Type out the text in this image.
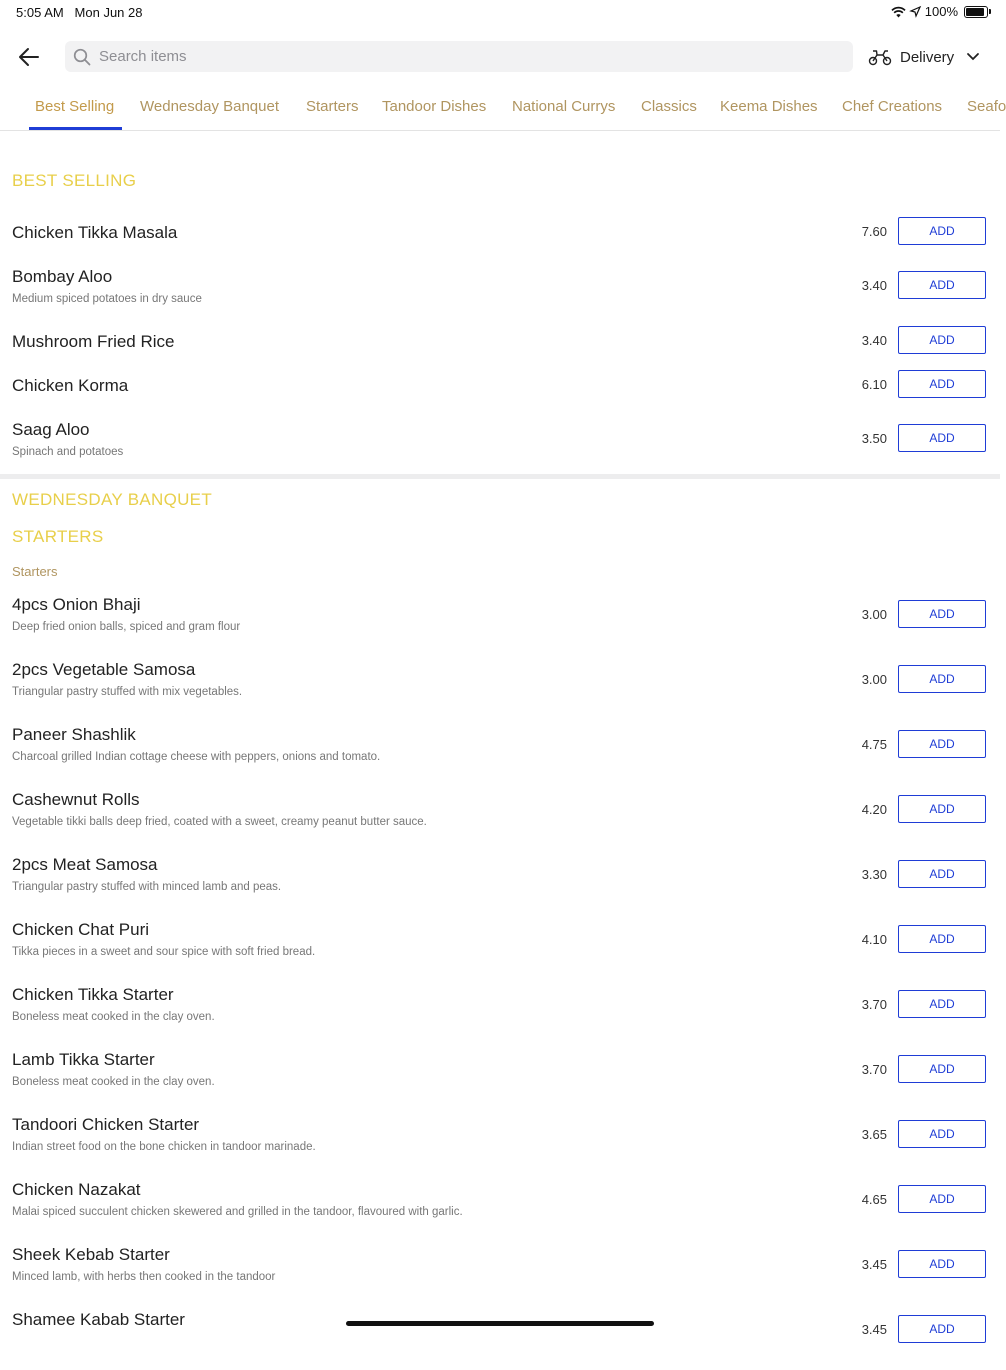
5:05 AM Mon Jun 28	100%
Search items
Delivery
Best Selling Wednesday Banquet Starters Tandoor Dishes National Currys Classics Keema Dishes Chef Creations Seafo
BEST SELLING
Chicken Tikka Masala	7.60	ADD
Bombay Aloo
Medium spiced potatoes in dry sauce
3.40	ADD
Mushroom Fried Rice	3.40	ADD
Chicken Korma	6.10	ADD
Saag Aloo
Spinach and potatoes
3.50	ADD
WEDNESDAY BANQUET
STARTERS
Starters
4pcs Onion Bhaji
Deep fried onion balls, spiced and gram flour
3.00	ADD
2pcs Vegetable Samosa
Triangular pastry stuffed with mix vegetables.
3.00	ADD
Paneer Shashlik
Charcoal grilled Indian cottage cheese with peppers, onions and tomato.
4.75	ADD
Cashewnut Rolls
Vegetable tikki balls deep fried, coated with a sweet, creamy peanut butter sauce.
4.20	ADD
2pcs Meat Samosa
Triangular pastry stuffed with minced lamb and peas.
3.30	ADD
Chicken Chat Puri
Tikka pieces in a sweet and sour spice with soft fried bread.
4.10	ADD
Chicken Tikka Starter
Boneless meat cooked in the clay oven.
3.70	ADD
Lamb Tikka Starter
Boneless meat cooked in the clay oven.
3.70	ADD
Tandoori Chicken Starter
Indian street food on the bone chicken in tandoor marinade.
3.65	ADD
Chicken Nazakat
Malai spiced succulent chicken skewered and grilled in the tandoor, flavoured with garlic.
4.65	ADD
Sheek Kebab Starter
Minced lamb, with herbs then cooked in the tandoor
3.45	ADD
Shamee Kabab Starter
3.45	ADD
